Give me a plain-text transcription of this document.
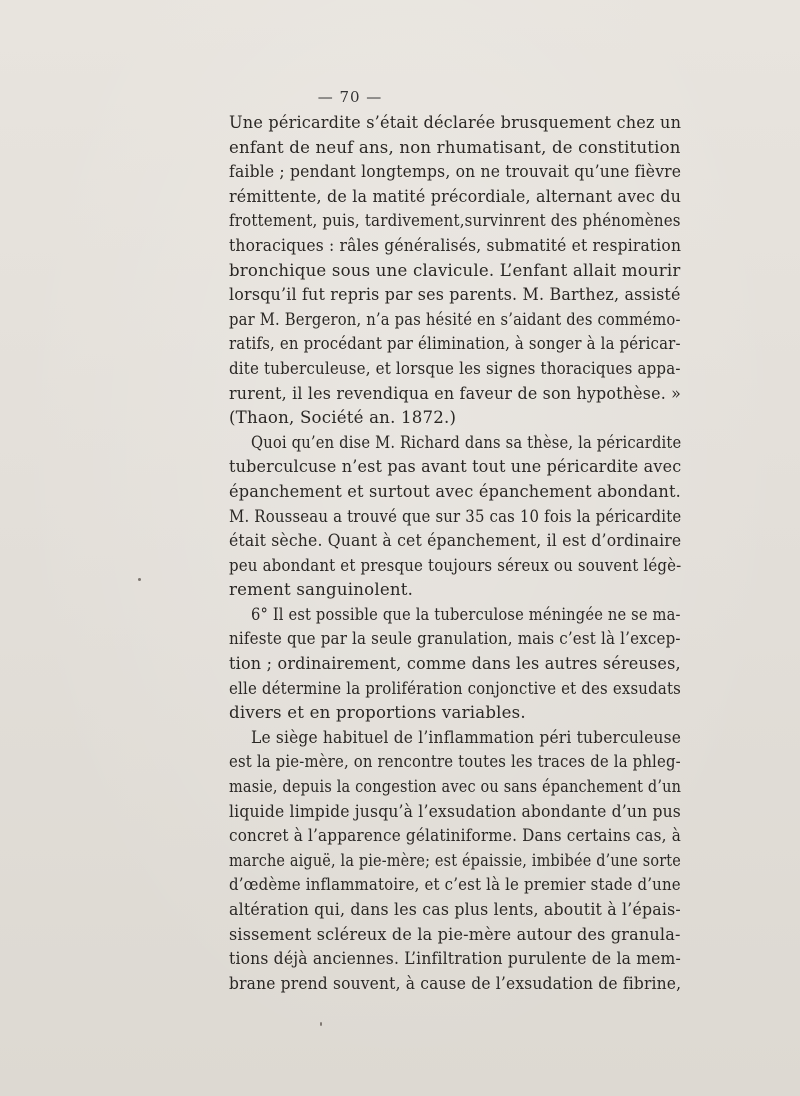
— 70 —
Une péricardite s’était déclarée brusquement chez un
enfant de neuf ans, non rhumatisant, de constitution
faible ; pendant longtemps, on ne trouvait qu’une fièvre
rémittente, de la matité précordiale, alternant avec du
frottement, puis, tardivement,survinrent des phénomènes
thoraciques : râles généralisés, submatité et respiration
bronchique sous une clavicule. L’enfant allait mourir
lorsqu’il fut repris par ses parents. M. Barthez, assisté
par M. Bergeron, n’a pas hésité en s’aidant des commémo-
ratifs, en procédant par élimination, à songer à la péricar-
dite tuberculeuse, et lorsque les signes thoraciques appa-
rurent, il les revendiqua en faveur de son hypothèse. »
(Thaon, Société an. 1872.)
Quoi qu’en dise M. Richard dans sa thèse, la péricardite
tuberculcuse n’est pas avant tout une péricardite avec
épanchement et surtout avec épanchement abondant.
M. Rousseau a trouvé que sur 35 cas 10 fois la péricardite
était sèche. Quant à cet épanchement, il est d’ordinaire
peu abondant et presque toujours séreux ou souvent légè-
rement sanguinolent.
6° Il est possible que la tuberculose méningée ne se ma-
nifeste que par la seule granulation, mais c’est là l’excep-
tion ; ordinairement, comme dans les autres séreuses,
elle détermine la prolifération conjonctive et des exsudats
divers et en proportions variables.
Le siège habituel de l’inflammation péri tuberculeuse
est la pie-mère, on rencontre toutes les traces de la phleg-
masie, depuis la congestion avec ou sans épanchement d’un
liquide limpide jusqu’à l’exsudation abondante d’un pus
concret à l’apparence gélatiniforme. Dans certains cas, à
marche aiguë, la pie-mère; est épaissie, imbibée d’une sorte
d’œdème inflammatoire, et c’est là le premier stade d’une
altération qui, dans les cas plus lents, aboutit à l’épais-
sissement scléreux de la pie-mère autour des granula-
tions déjà anciennes. L’infiltration purulente de la mem-
brane prend souvent, à cause de l’exsudation de fibrine,
